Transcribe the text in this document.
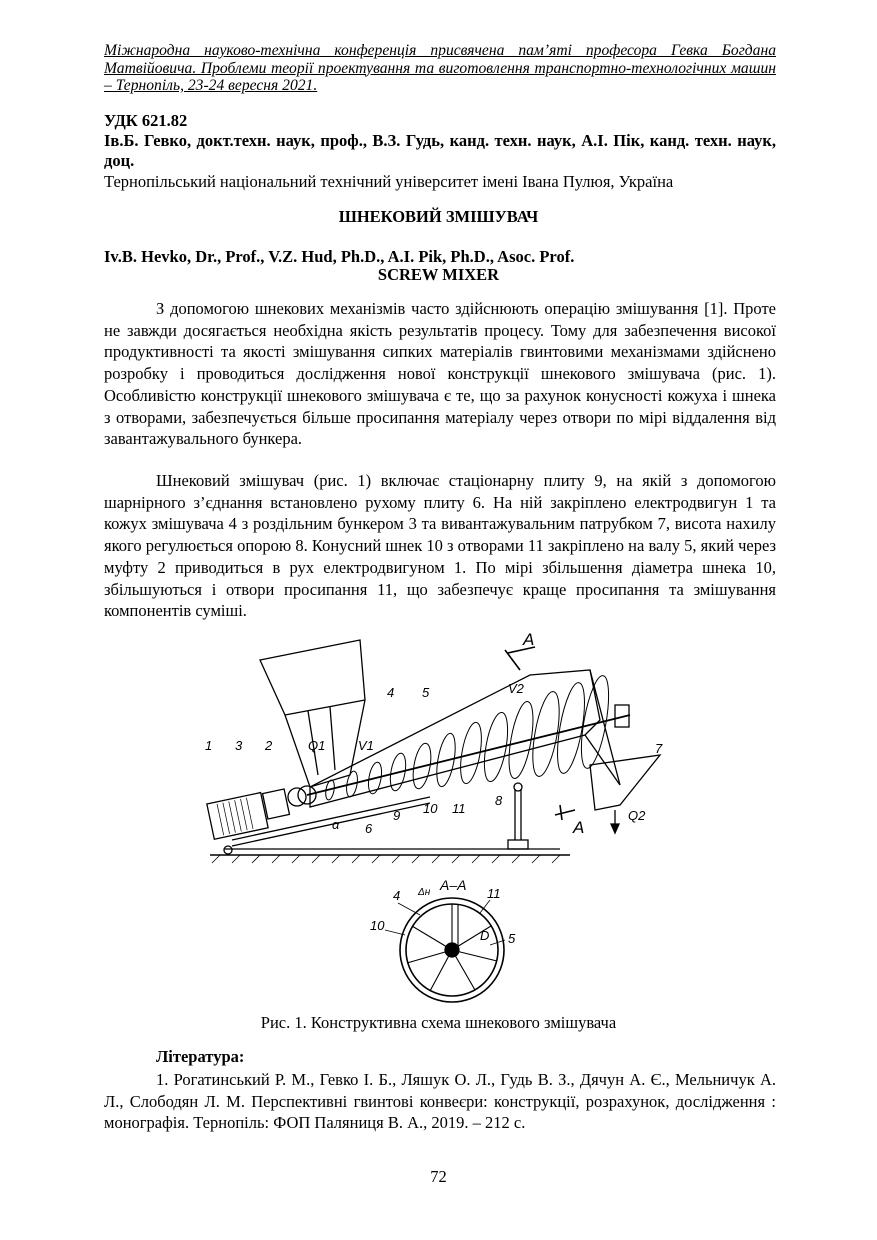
Міжнародна науково-технічна конференція присвячена пам’яті професора Гевка Богдана Матвійовича. Проблеми теорії проектування та виготовлення транспортно-технологічних машин – Тернопіль, 23-24 вересня 2021.
УДК 621.82
Ів.Б. Гевко, докт.техн. наук, проф., В.З. Гудь, канд. техн. наук, А.І. Пік, канд. техн. наук, доц.
Тернопільський національний технічний університет імені Івана Пулюя, Україна
ШНЕКОВИЙ ЗМІШУВАЧ
Iv.B. Hevko, Dr., Prof., V.Z. Hud, Ph.D., A.I. Pik, Ph.D., Asoc. Prof.
SCREW MIXER

З допомогою шнекових механізмів часто здійснюють операцію змішування [1]. Проте не завжди досягається необхідна якість результатів процесу. Тому для забезпечення високої продуктивності та якості змішування сипких матеріалів гвинтовими механізмами здійснено розробку і проводиться дослідження нової конструкції шнекового змішувача (рис. 1). Особливістю конструкції шнекового змішувача є те, що за рахунок конусності кожуха і шнека з отворами, забезпечується більше просипання матеріалу через отвори по мірі віддалення від завантажувального бункера.

Шнековий змішувач (рис. 1) включає стаціонарну плиту 9, на якій з допомогою шарнірного з’єднання встановлено рухому плиту 6. На ній закріплено електродвигун 1 та кожух змішувача 4 з роздільним бункером 3 та вивантажувальним патрубком 7, висота нахилу якого регулюється опорою 8. Конусний шнек 10 з отворами 11 закріплено на валу 5, який через муфту 2 приводиться в рух електродвигуном 1. По мірі збільшення діаметра шнека 10, збільшуються і отвори просипання 11, що забезпечує краще просипання та змішування компонентів суміші.

1 3 2	Q1	V1
4 5	V2
A
7
8
10 11
A
Q2
6
9
α
А–А
4 Δн	11
10
5
D
Рис. 1. Конструктивна схема шнекового змішувача
Література:

1. Рогатинський Р. М., Гевко І. Б., Ляшук О. Л., Гудь В. З., Дячун А. Є., Мельничук А. Л., Слободян Л. М. Перспективні гвинтові конвеєри: конструкції, розрахунок, дослідження : монографія. Тернопіль: ФОП Паляниця В. А., 2019. – 212 с.

72
